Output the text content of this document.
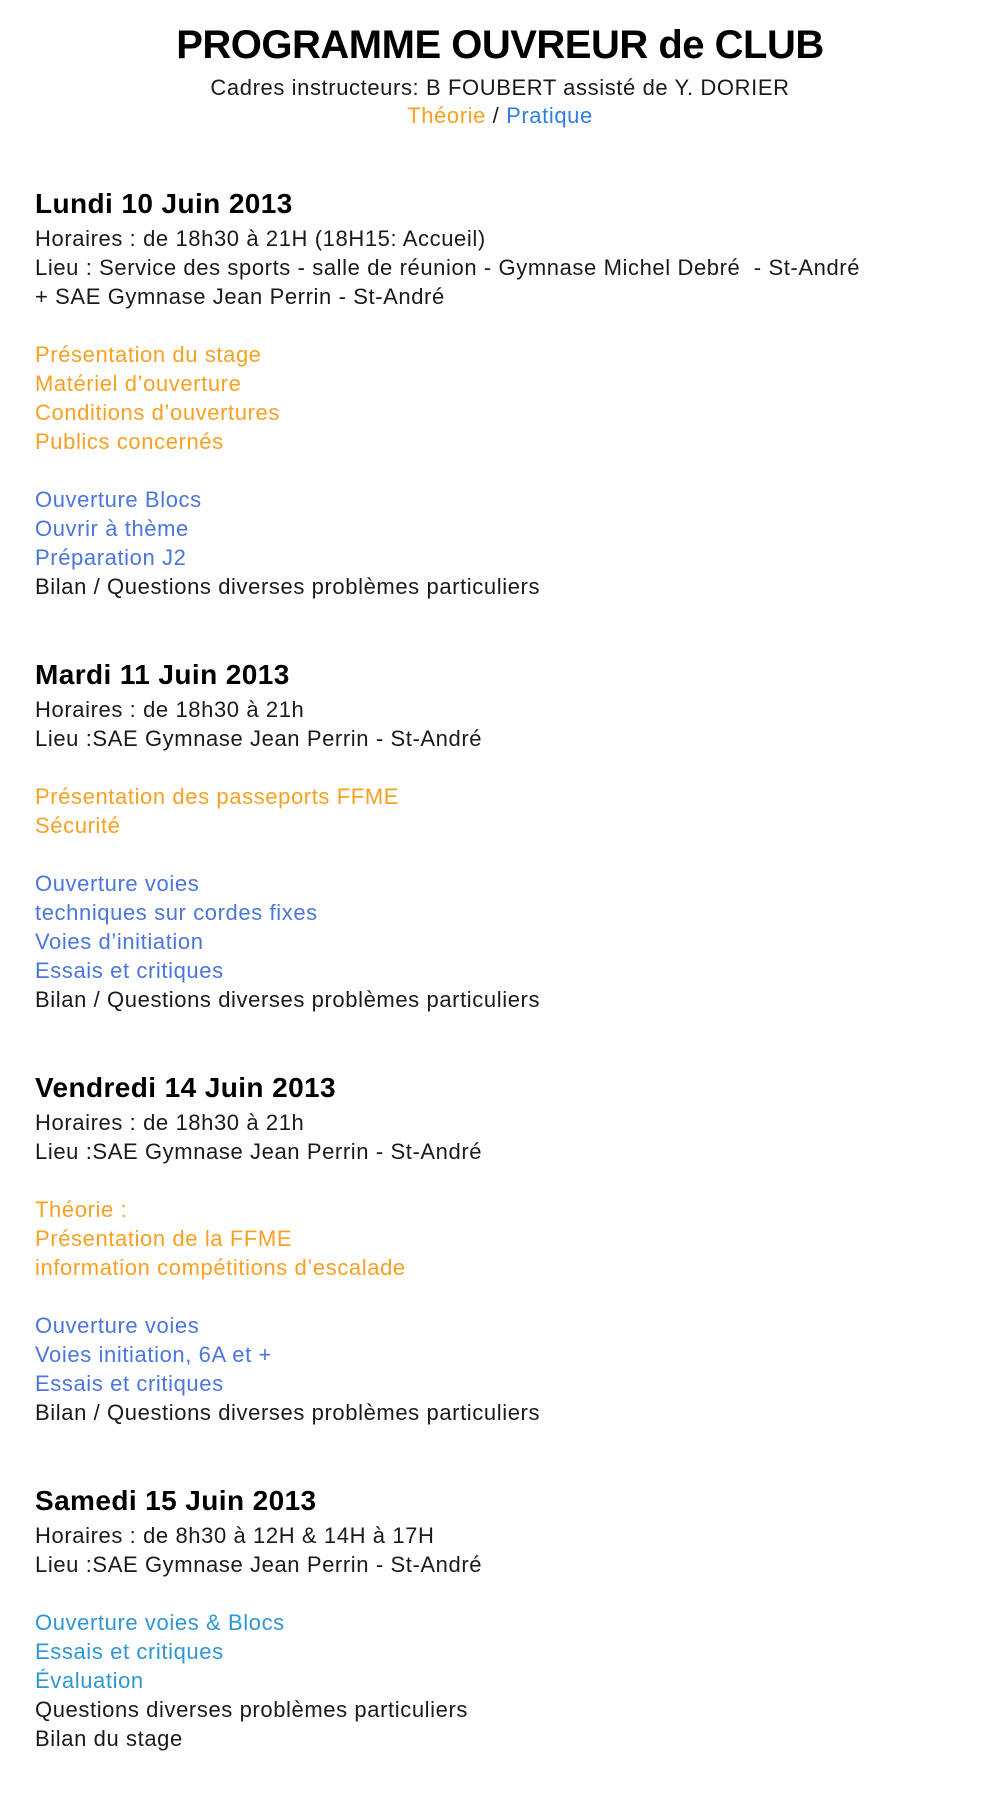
PROGRAMME OUVREUR de CLUB

Cadres instructeurs: B FOUBERT assisté de Y. DORIER

Théorie / Pratique

Lundi 10 Juin 2013

Horaires : de 18h30 à 21H (18H15: Accueil)

Lieu : Service des sports - salle de réunion - Gymnase Michel Debré  - St-André

+ SAE Gymnase Jean Perrin - St-André

Présentation du stage

Matériel d’ouverture

Conditions d’ouvertures

Publics concernés

Ouverture Blocs

Ouvrir à thème

Préparation J2

Bilan / Questions diverses problèmes particuliers

Mardi 11 Juin 2013

Horaires : de 18h30 à 21h

Lieu :SAE Gymnase Jean Perrin - St-André

Présentation des passeports FFME

Sécurité

Ouverture voies

techniques sur cordes fixes

Voies d’initiation

Essais et critiques

Bilan / Questions diverses problèmes particuliers

Vendredi 14 Juin 2013

Horaires : de 18h30 à 21h

Lieu :SAE Gymnase Jean Perrin - St-André

Théorie :

Présentation de la FFME

information compétitions d’escalade

Ouverture voies

Voies initiation, 6A et +

Essais et critiques

Bilan / Questions diverses problèmes particuliers

Samedi 15 Juin 2013

Horaires : de 8h30 à 12H & 14H à 17H

Lieu :SAE Gymnase Jean Perrin - St-André

Ouverture voies & Blocs

Essais et critiques

Évaluation

Questions diverses problèmes particuliers

Bilan du stage
